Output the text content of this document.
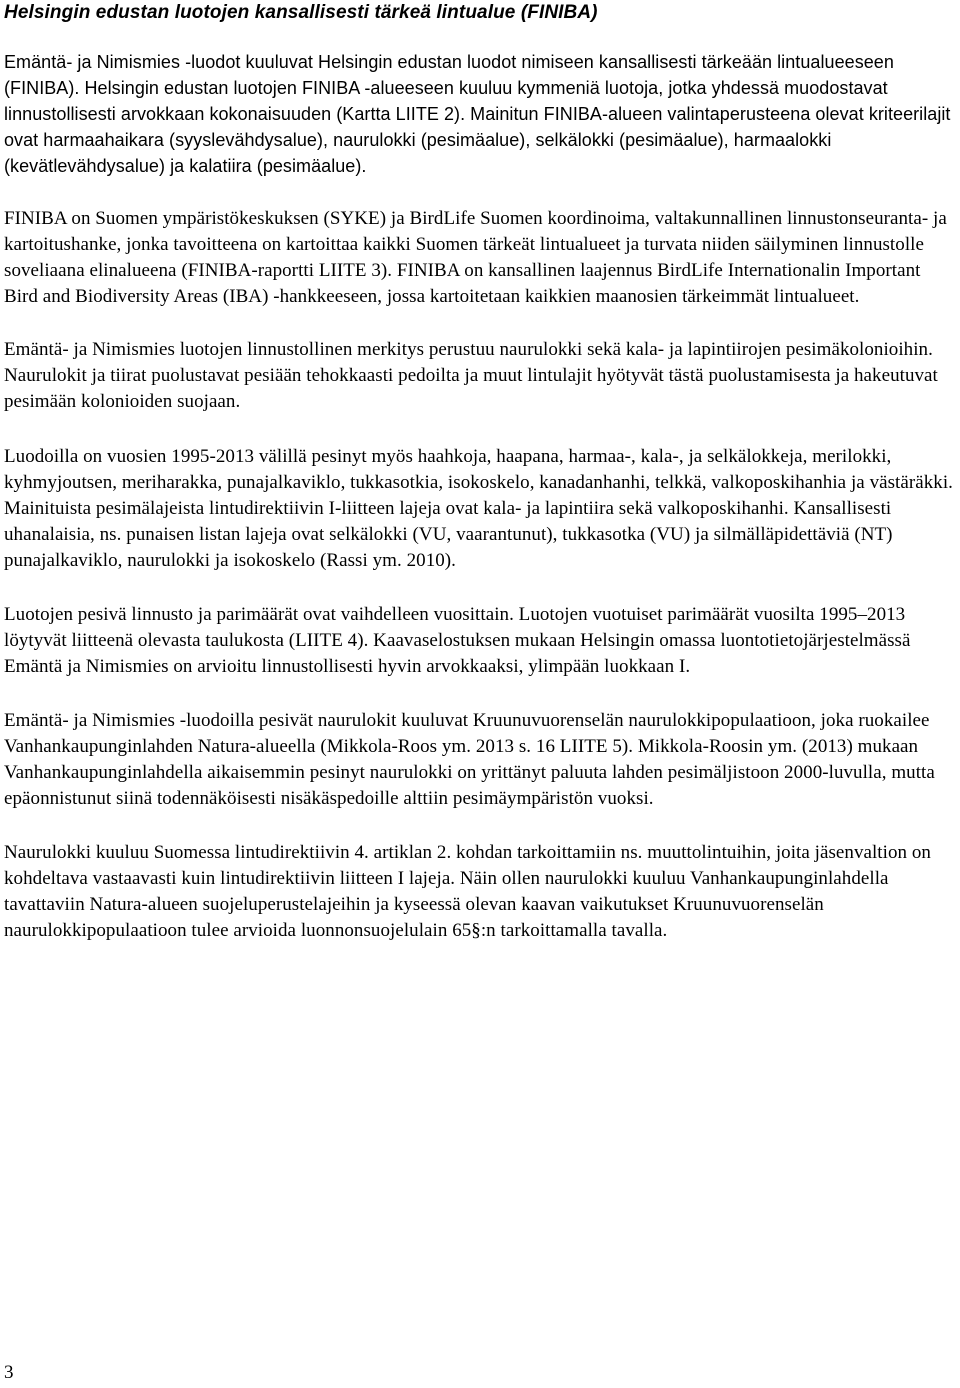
Helsingin edustan luotojen kansallisesti tärkeä lintualue (FINIBA)

Emäntä- ja Nimismies -luodot kuuluvat Helsingin edustan luodot nimiseen kansallisesti tärkeään lintualueeseen (FINIBA). Helsingin edustan luotojen FINIBA -alueeseen kuuluu kymmeniä luotoja, jotka yhdessä muodostavat linnustollisesti arvokkaan kokonaisuuden (Kartta LIITE 2). Mainitun FINIBA-alueen valintaperusteena olevat kriteerilajit ovat harmaahaikara (syyslevähdysalue), naurulokki (pesimäalue), selkälokki (pesimäalue), harmaalokki (kevätlevähdysalue) ja kalatiira (pesimäalue).

FINIBA on Suomen ympäristökeskuksen (SYKE) ja BirdLife Suomen koordinoima, valtakunnallinen linnustonseuranta- ja kartoitushanke, jonka tavoitteena on kartoittaa kaikki Suomen tärkeät lintualueet ja turvata niiden säilyminen linnustolle soveliaana elinalueena (FINIBA-raportti LIITE 3). FINIBA on kansallinen laajennus BirdLife Internationalin Important Bird and Biodiversity Areas (IBA) -hankkeeseen, jossa kartoitetaan kaikkien maanosien tärkeimmät lintualueet.

Emäntä- ja Nimismies luotojen linnustollinen merkitys perustuu naurulokki sekä kala- ja lapintiirojen pesimäkolonioihin. Naurulokit ja tiirat puolustavat pesiään tehokkaasti pedoilta ja muut lintulajit hyötyvät tästä puolustamisesta ja hakeutuvat pesimään kolonioiden suojaan.

Luodoilla on vuosien 1995-2013 välillä pesinyt myös haahkoja, haapana, harmaa-, kala-, ja selkälokkeja, merilokki, kyhmyjoutsen, meriharakka, punajalkaviklo, tukkasotkia, isokoskelo, kanadanhanhi, telkkä, valkoposkihanhia ja västäräkki. Mainituista pesimälajeista lintudirektiivin I-liitteen lajeja ovat kala- ja lapintiira sekä valkoposkihanhi. Kansallisesti uhanalaisia, ns. punaisen listan lajeja ovat selkälokki (VU, vaarantunut), tukkasotka (VU) ja silmälläpidettäviä (NT) punajalkaviklo, naurulokki ja isokoskelo (Rassi ym. 2010).

Luotojen pesivä linnusto ja parimäärät ovat vaihdelleen vuosittain. Luotojen vuotuiset parimäärät vuosilta 1995–2013 löytyvät liitteenä olevasta taulukosta (LIITE 4). Kaavaselostuksen mukaan Helsingin omassa luontotietojärjestelmässä Emäntä ja Nimismies on arvioitu linnustollisesti hyvin arvokkaaksi, ylimpään luokkaan I.

Emäntä- ja Nimismies -luodoilla pesivät naurulokit kuuluvat Kruunuvuorenselän naurulokkipopulaatioon, joka ruokailee Vanhankaupunginlahden Natura-alueella (Mikkola-Roos ym. 2013 s. 16 LIITE 5). Mikkola-Roosin ym. (2013) mukaan Vanhankaupunginlahdella aikaisemmin pesinyt naurulokki on yrittänyt paluuta lahden pesimäljistoon 2000-luvulla, mutta epäonnistunut siinä todennäköisesti nisäkäspedoille alttiin pesimäympäristön vuoksi.

Naurulokki kuuluu Suomessa lintudirektiivin 4. artiklan 2. kohdan tarkoittamiin ns. muuttolintuihin, joita jäsenvaltion on kohdeltava vastaavasti kuin lintudirektiivin liitteen I lajeja. Näin ollen naurulokki kuuluu Vanhankaupunginlahdella tavattaviin Natura-alueen suojeluperustelajeihin ja kyseessä olevan kaavan vaikutukset Kruunuvuorenselän naurulokkipopulaatioon tulee arvioida luonnonsuojelulain 65§:n tarkoittamalla tavalla.

3
